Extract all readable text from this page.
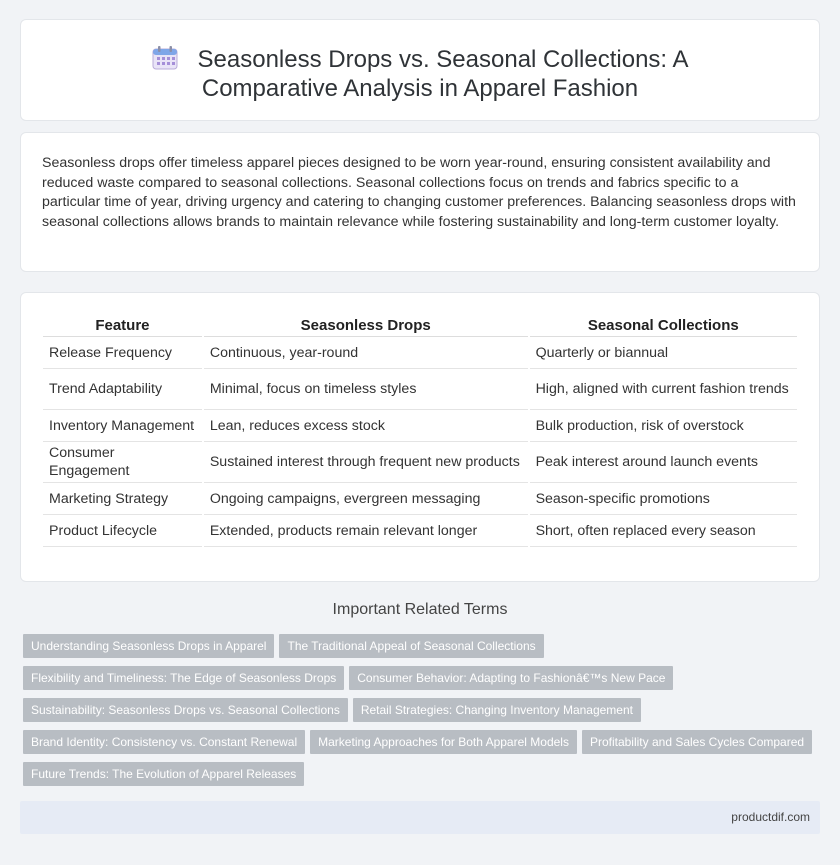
Seasonless Drops vs. Seasonal Collections: A Comparative Analysis in Apparel Fashion

Seasonless drops offer timeless apparel pieces designed to be worn year-round, ensuring consistent availability and reduced waste compared to seasonal collections. Seasonal collections focus on trends and fabrics specific to a particular time of year, driving urgency and catering to changing customer preferences. Balancing seasonless drops with seasonal collections allows brands to maintain relevance while fostering sustainability and long-term customer loyalty.

Feature	Seasonless Drops	Seasonal Collections
Release Frequency	Continuous, year-round	Quarterly or biannual
Trend Adaptability	Minimal, focus on timeless styles	High, aligned with current fashion trends
Inventory Management	Lean, reduces excess stock	Bulk production, risk of overstock
Consumer Engagement	Sustained interest through frequent new products	Peak interest around launch events
Marketing Strategy	Ongoing campaigns, evergreen messaging	Season-specific promotions
Product Lifecycle	Extended, products remain relevant longer	Short, often replaced every season
Important Related Terms
Understanding Seasonless Drops in Apparel The Traditional Appeal of Seasonal Collections
Flexibility and Timeliness: The Edge of Seasonless Drops Consumer Behavior: Adapting to Fashionâ€™s New Pace
Sustainability: Seasonless Drops vs. Seasonal Collections Retail Strategies: Changing Inventory Management
Brand Identity: Consistency vs. Constant Renewal Marketing Approaches for Both Apparel Models Profitability and Sales Cycles Compared
Future Trends: The Evolution of Apparel Releases
productdif.com
